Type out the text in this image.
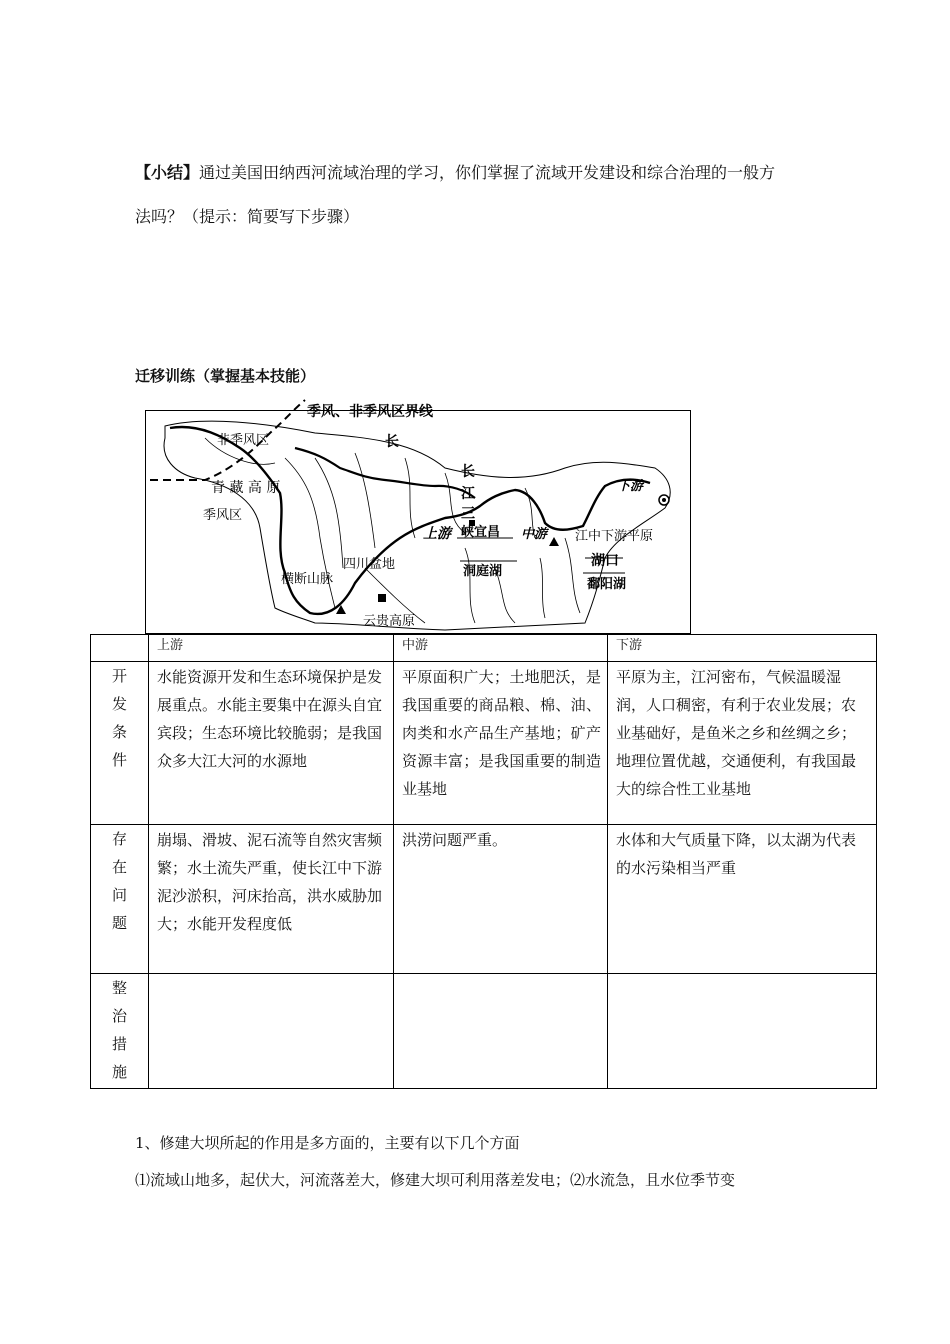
【小结】通过美国田纳西河流域治理的学习，你们掌握了流域开发建设和综合治理的一般方
法吗？（提示：简要写下步骤）
迁移训练（掌握基本技能）
季风、非季风区界线
非季风区	长
青 藏 高 原
季风区
长
江
三
上游 峡宜昌 中游
下游
江中下游平原
四川盆地
横断山脉
湖口
洞庭湖
鄱阳湖
云贵高原
	上游	中游	下游

开
发
条
件	水能资源开发和生态环境保护是发展重点。水能主要集中在源头自宜宾段；生态环境比较脆弱；是我国众多大江大河的水源地	平原面积广大；土地肥沃，是我国重要的商品粮、棉、油、肉类和水产品生产基地；矿产资源丰富；是我国重要的制造业基地	平原为主，江河密布，气候温暖湿润，人口稠密，有利于农业发展；农业基础好，是鱼米之乡和丝绸之乡；地理位置优越，交通便利，有我国最大的综合性工业基地

存
在
问
题	崩塌、滑坡、泥石流等自然灾害频繁；水土流失严重，使长江中下游泥沙淤积，河床抬高，洪水威胁加大；水能开发程度低	洪涝问题严重。	水体和大气质量下降，以太湖为代表的水污染相当严重

整
治
措
施			

1、修建大坝所起的作用是多方面的，主要有以下几个方面
⑴流域山地多，起伏大，河流落差大，修建大坝可利用落差发电；⑵水流急，且水位季节变
